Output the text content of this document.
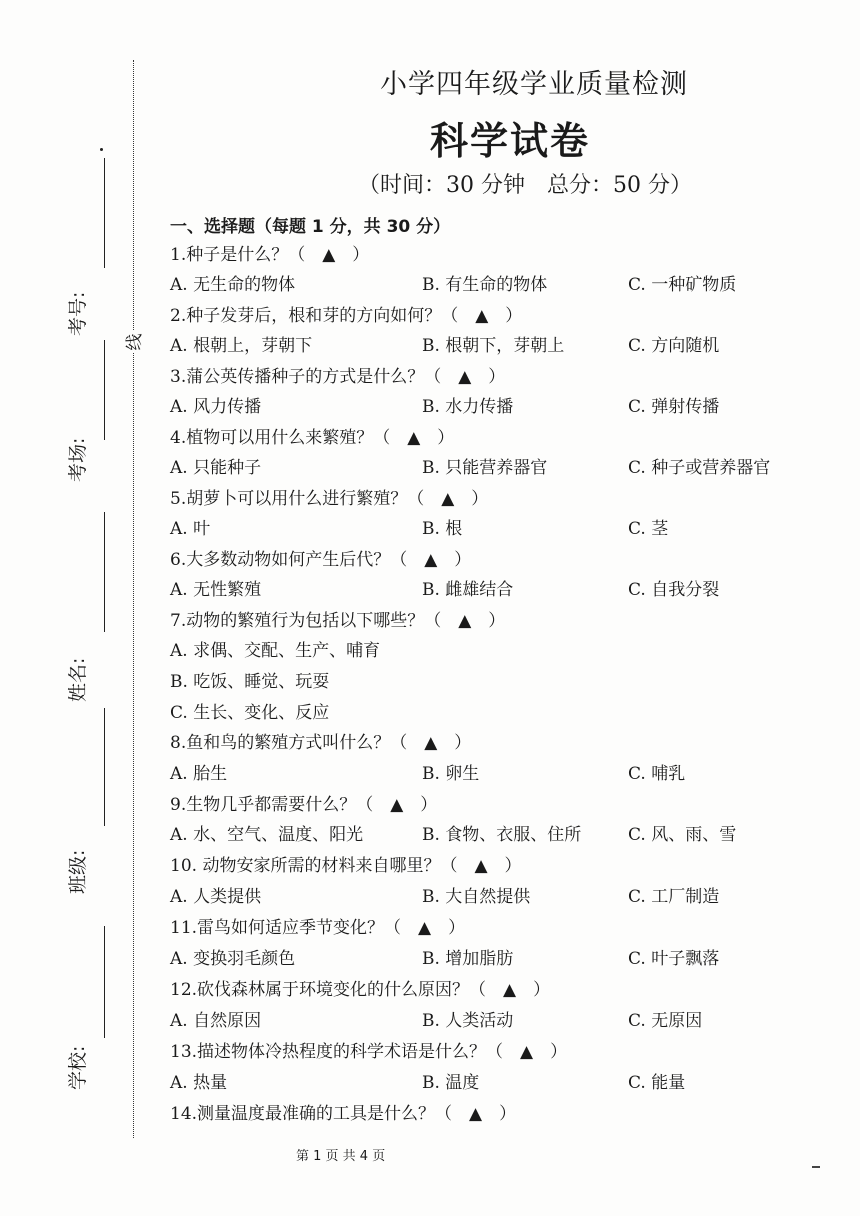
线
考号:
考场:
姓名:
班级:
学校:
小学四年级学业质量检测
科学试卷
（时间：30 分钟　总分：50 分）
一、选择题（每题 1 分，共 30 分）
1.种子是什么？（　▲　）
A. 无生命的物体	B. 有生命的物体	C. 一种矿物质
2.种子发芽后，根和芽的方向如何？（　▲　）
A. 根朝上，芽朝下	B. 根朝下，芽朝上	C. 方向随机
3.蒲公英传播种子的方式是什么？（　▲　）
A. 风力传播	B. 水力传播	C. 弹射传播
4.植物可以用什么来繁殖？（　▲　）
A. 只能种子	B. 只能营养器官	C. 种子或营养器官
5.胡萝卜可以用什么进行繁殖？（　▲　）
A. 叶	B. 根	C. 茎
6.大多数动物如何产生后代？（　▲　）
A. 无性繁殖	B. 雌雄结合	C. 自我分裂
7.动物的繁殖行为包括以下哪些？（　▲　）
A. 求偶、交配、生产、哺育
B. 吃饭、睡觉、玩耍
C. 生长、变化、反应
8.鱼和鸟的繁殖方式叫什么？（　▲　）
A. 胎生	B. 卵生	C. 哺乳
9.生物几乎都需要什么？（　▲　）
A. 水、空气、温度、阳光	B. 食物、衣服、住所	C. 风、雨、雪
10. 动物安家所需的材料来自哪里？（　▲　）
A. 人类提供	B. 大自然提供	C. 工厂制造
11.雷鸟如何适应季节变化？（　▲　）
A. 变换羽毛颜色	B. 增加脂肪	C. 叶子飘落
12.砍伐森林属于环境变化的什么原因？（　▲　）
A. 自然原因	B. 人类活动	C. 无原因
13.描述物体冷热程度的科学术语是什么？（　▲　）
A. 热量	B. 温度	C. 能量
14.测量温度最准确的工具是什么？（　▲　）
第 1 页 共 4 页
